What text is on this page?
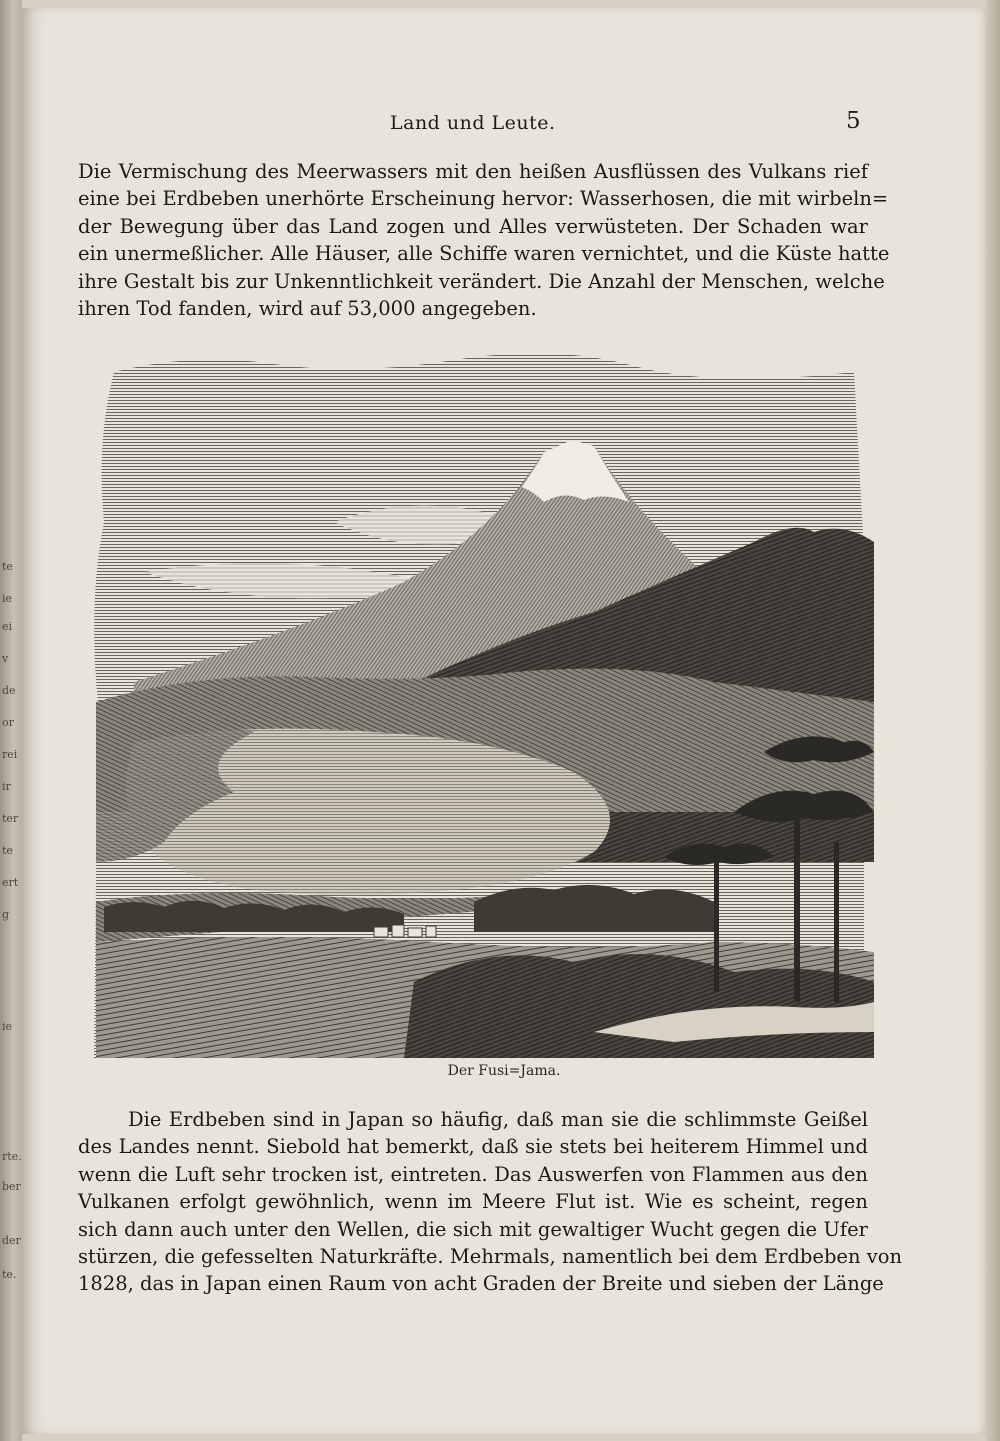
te
ie
ei
v
de
or
rei
ir
ter
te
ert
g
ie
rte.
ber
der
te.
Land und Leute.	5

Die Vermischung des Meerwassers mit den heißen Ausflüssen des Vulkans rief
eine bei Erdbeben unerhörte Erscheinung hervor: Wasserhosen, die mit wirbeln=
der Bewegung über das Land zogen und Alles verwüsteten. Der Schaden war
ein unermeßlicher. Alle Häuser, alle Schiffe waren vernichtet, und die Küste hatte
ihre Gestalt bis zur Unkenntlichkeit verändert. Die Anzahl der Menschen, welche
ihren Tod fanden, wird auf 53,000 angegeben.

Der Fusi=Jama.

Die Erdbeben sind in Japan so häufig, daß man sie die schlimmste Geißel
des Landes nennt. Siebold hat bemerkt, daß sie stets bei heiterem Himmel und
wenn die Luft sehr trocken ist, eintreten. Das Auswerfen von Flammen aus den
Vulkanen erfolgt gewöhnlich, wenn im Meere Flut ist. Wie es scheint, regen
sich dann auch unter den Wellen, die sich mit gewaltiger Wucht gegen die Ufer
stürzen, die gefesselten Naturkräfte. Mehrmals, namentlich bei dem Erdbeben von
1828, das in Japan einen Raum von acht Graden der Breite und sieben der Länge
